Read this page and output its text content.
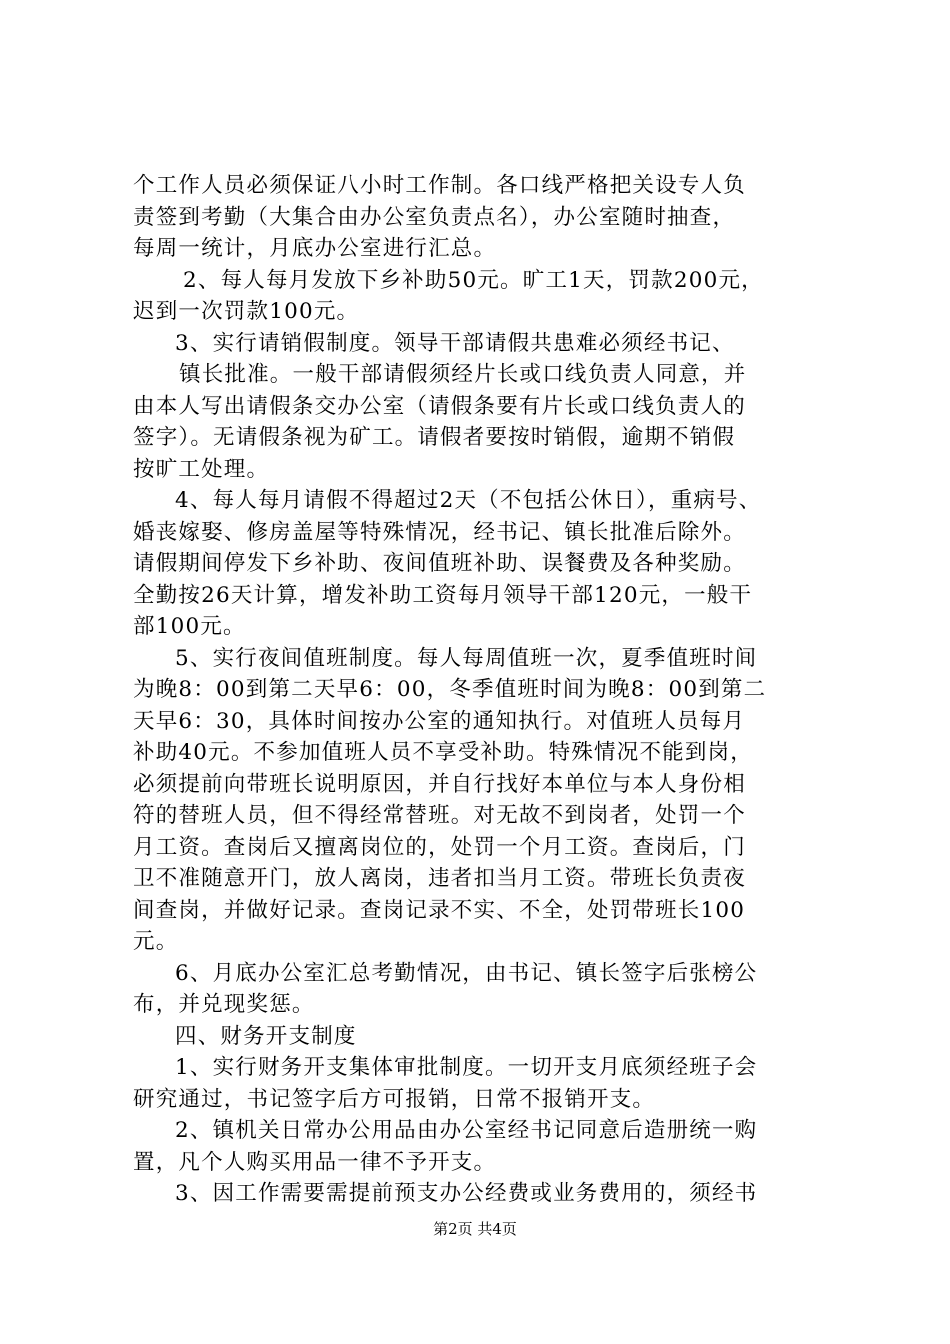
个工作人员必须保证八小时工作制。各口线严格把关设专人负
责签到考勤（大集合由办公室负责点名），办公室随时抽查，
每周一统计，月底办公室进行汇总。
2、每人每月发放下乡补助50元。旷工1天，罚款200元，
迟到一次罚款100元。
3、实行请销假制度。领导干部请假共患难必须经书记、
镇长批准。一般干部请假须经片长或口线负责人同意，并
由本人写出请假条交办公室（请假条要有片长或口线负责人的
签字）。无请假条视为矿工。请假者要按时销假，逾期不销假
按旷工处理。
4、每人每月请假不得超过2天（不包括公休日），重病号、
婚丧嫁娶、修房盖屋等特殊情况，经书记、镇长批准后除外。
请假期间停发下乡补助、夜间值班补助、误餐费及各种奖励。
全勤按26天计算，增发补助工资每月领导干部120元，一般干
部100元。
5、实行夜间值班制度。每人每周值班一次，夏季值班时间
为晚8：00到第二天早6：00，冬季值班时间为晚8：00到第二
天早6：30，具体时间按办公室的通知执行。对值班人员每月
补助40元。不参加值班人员不享受补助。特殊情况不能到岗，
必须提前向带班长说明原因，并自行找好本单位与本人身份相
符的替班人员，但不得经常替班。对无故不到岗者，处罚一个
月工资。查岗后又擅离岗位的，处罚一个月工资。查岗后，门
卫不准随意开门，放人离岗，违者扣当月工资。带班长负责夜
间查岗，并做好记录。查岗记录不实、不全，处罚带班长100
元。
6、月底办公室汇总考勤情况，由书记、镇长签字后张榜公
布，并兑现奖惩。
四、财务开支制度
1、实行财务开支集体审批制度。一切开支月底须经班子会
研究通过，书记签字后方可报销，日常不报销开支。
2、镇机关日常办公用品由办公室经书记同意后造册统一购
置，凡个人购买用品一律不予开支。
3、因工作需要需提前预支办公经费或业务费用的，须经书
第2页 共4页
